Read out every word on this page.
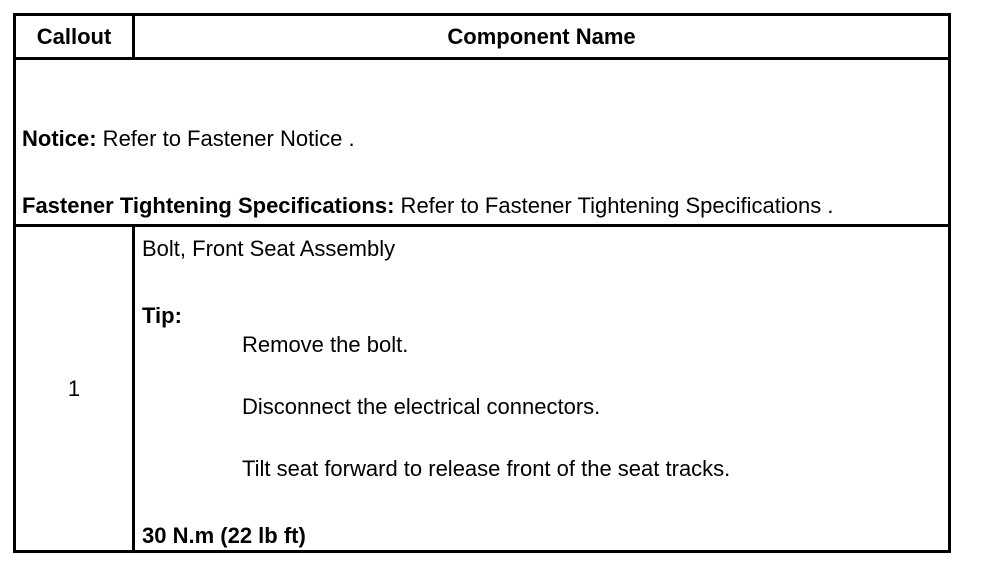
Callout	Component Name
Notice: Refer to Fastener Notice .
Fastener Tightening Specifications: Refer to Fastener Tightening Specifications .
1
Bolt, Front Seat Assembly
Tip:
Remove the bolt.
Disconnect the electrical connectors.
Tilt seat forward to release front of the seat tracks.
30 N.m (22 lb ft)
